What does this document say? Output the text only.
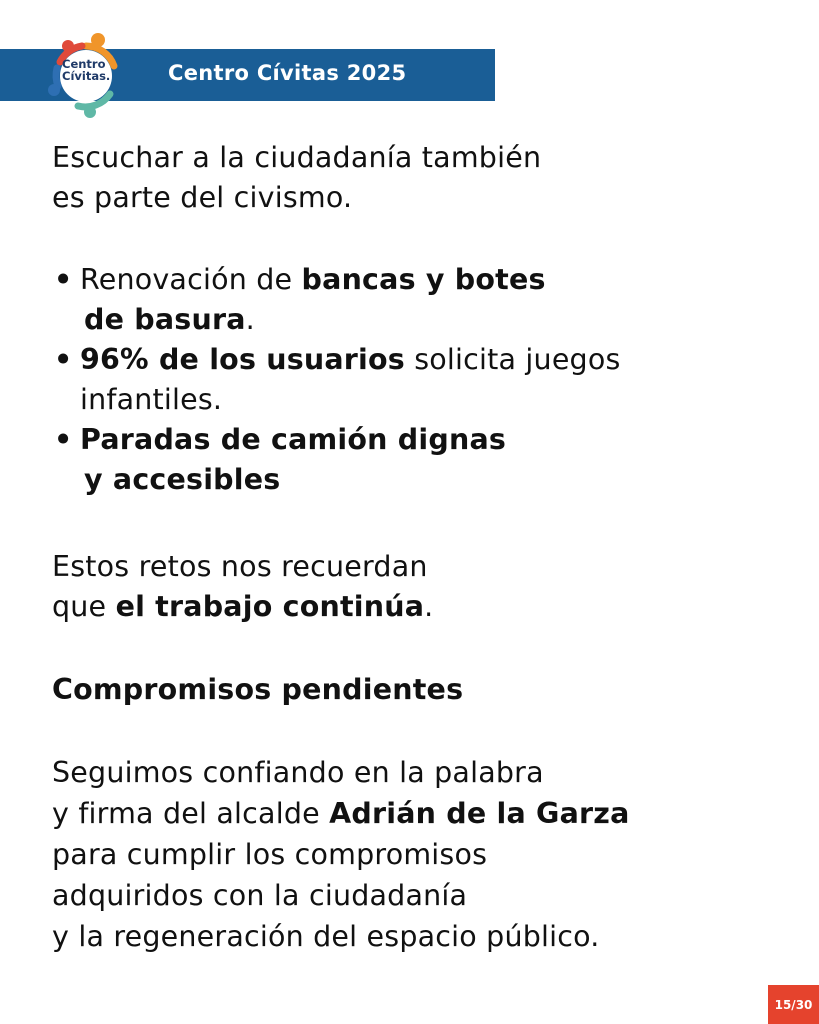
Centro
Cívitas.	Centro Cívitas 2025
Escuchar a la ciudadanía también
es parte del civismo.
• Renovación de bancas y botes
de basura.
• 96% de los usuarios solicita juegos
infantiles.
• Paradas de camión dignas
y accesibles
Estos retos nos recuerdan
que el trabajo continúa.
Compromisos pendientes
Seguimos confiando en la palabra
y firma del alcalde Adrián de la Garza
para cumplir los compromisos
adquiridos con la ciudadanía
y la regeneración del espacio público.
15/30
